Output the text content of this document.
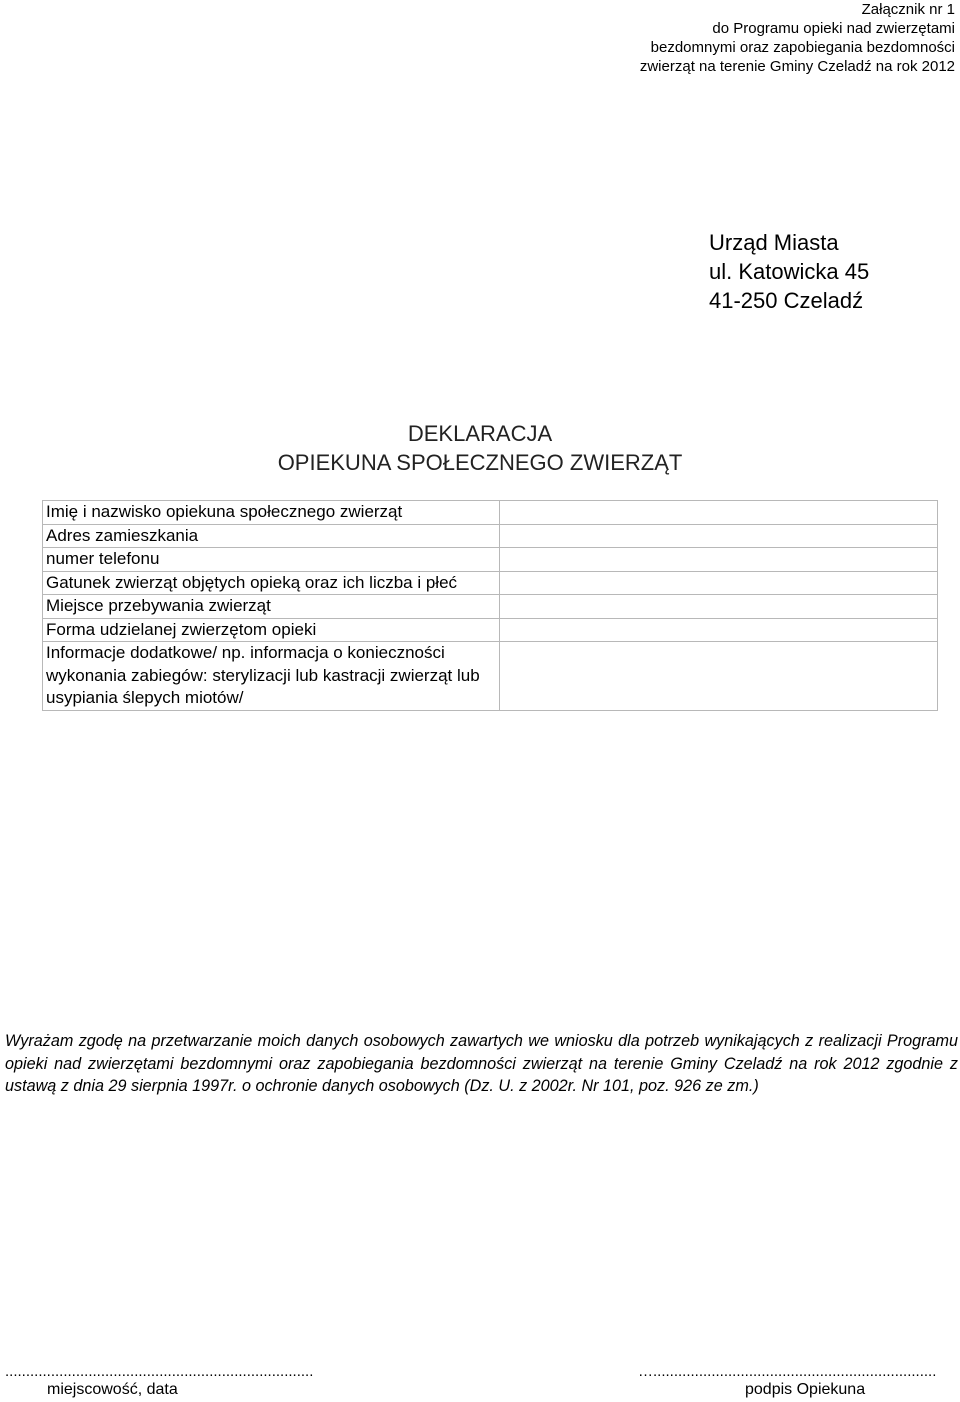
Załącznik nr 1
do Programu opieki nad zwierzętami
bezdomnymi oraz zapobiegania bezdomności
zwierząt na terenie Gminy Czeladź na rok 2012
Urząd Miasta
ul. Katowicka 45
41-250 Czeladź
DEKLARACJA
OPIEKUNA SPOŁECZNEGO ZWIERZĄT
Imię i nazwisko opiekuna społecznego zwierząt	
Adres zamieszkania	
numer telefonu	
Gatunek zwierząt objętych opieką oraz ich liczba i płeć	
Miejsce przebywania zwierząt	
Forma udzielanej zwierzętom opieki	
Informacje dodatkowe/ np. informacja o konieczności wykonania zabiegów: sterylizacji lub kastracji zwierząt lub usypiania ślepych miotów/	
Wyrażam zgodę na przetwarzanie moich danych osobowych zawartych we wniosku dla potrzeb wynikających z realizacji Programu opieki nad zwierzętami bezdomnymi oraz zapobiegania bezdomności zwierząt na terenie Gminy Czeladź na rok 2012 zgodnie z ustawą z dnia 29 sierpnia 1997r. o ochronie danych osobowych (Dz. U. z 2002r. Nr 101, poz. 926 ze zm.)
..........................................................................
miejscowość, data
…....................................................................
podpis Opiekuna
